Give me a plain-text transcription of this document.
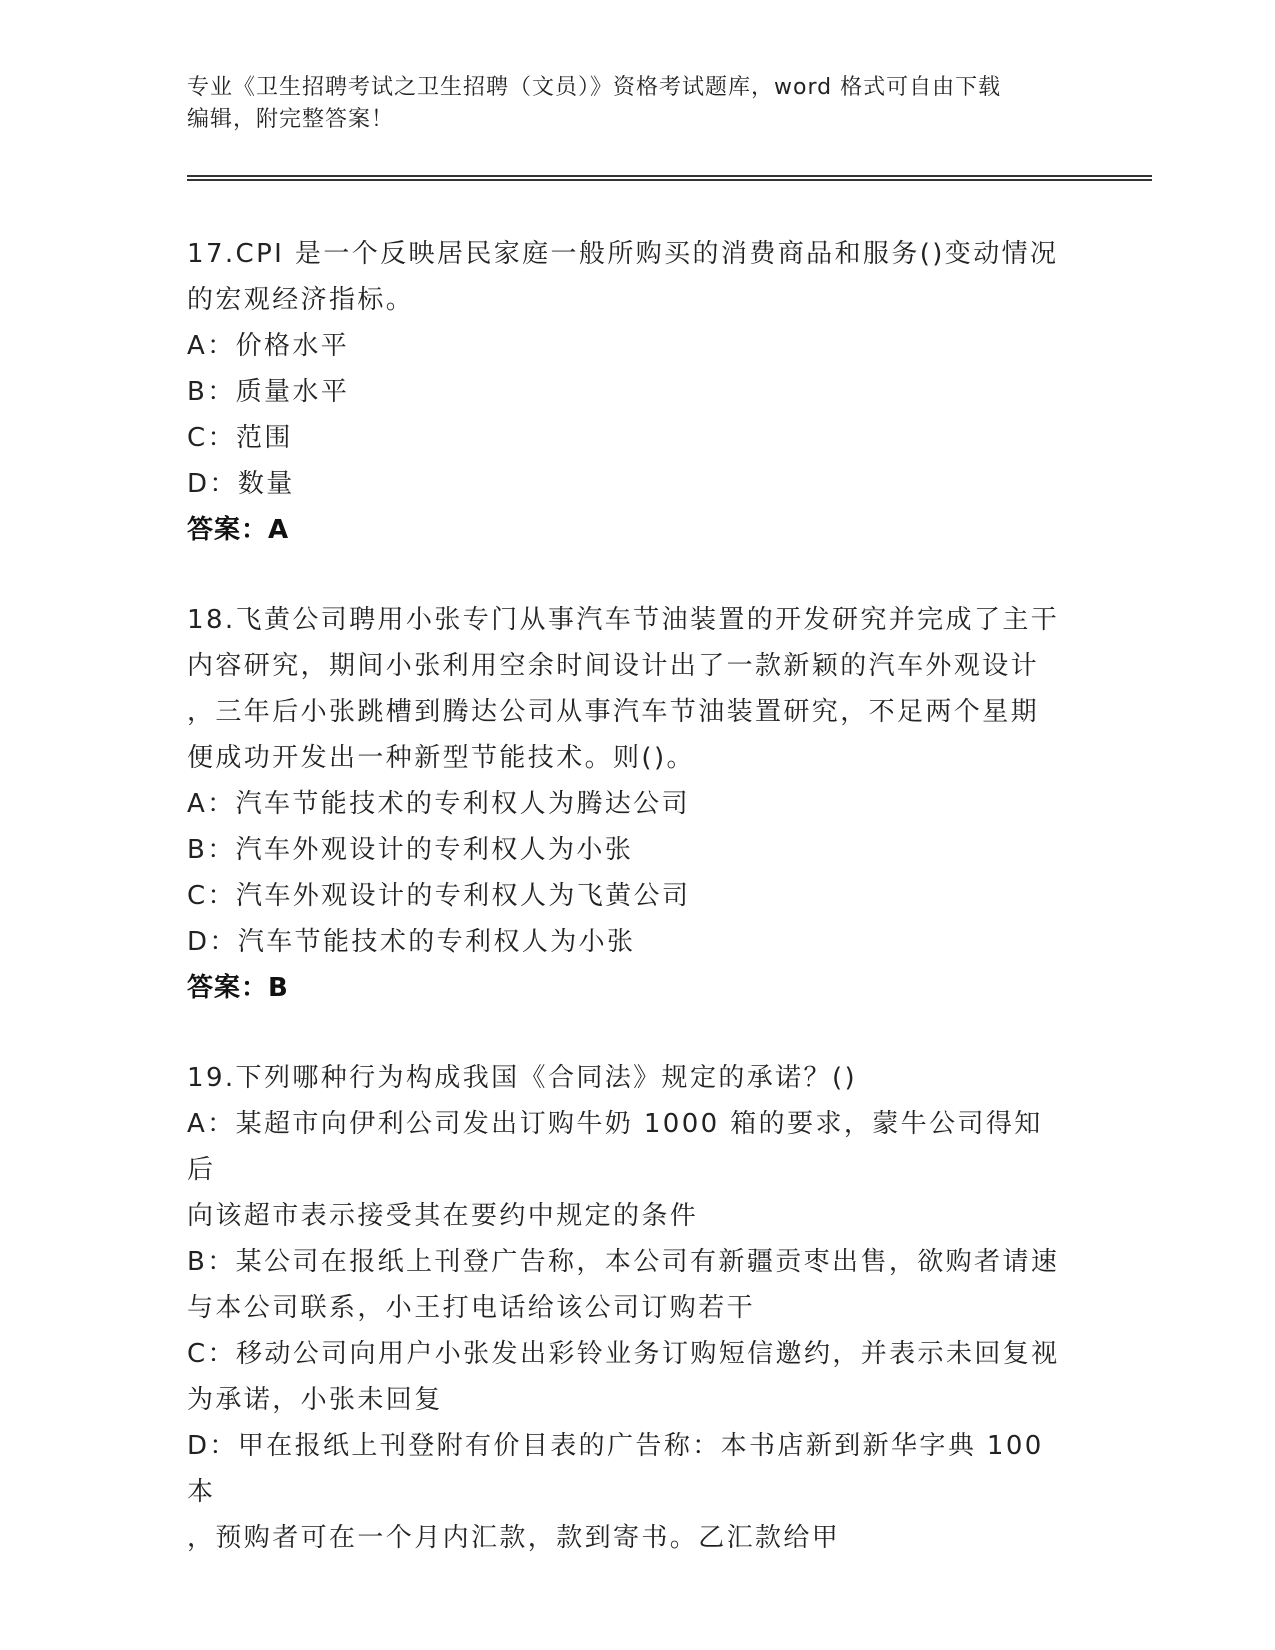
专业《卫生招聘考试之卫生招聘（文员）》资格考试题库，word 格式可自由下载
编辑，附完整答案！
17.CPI 是一个反映居民家庭一般所购买的消费商品和服务()变动情况
的宏观经济指标。
A：价格水平
B：质量水平
C：范围
D：数量
答案：A
18.飞黄公司聘用小张专门从事汽车节油装置的开发研究并完成了主干
内容研究，期间小张利用空余时间设计出了一款新颖的汽车外观设计
，三年后小张跳槽到腾达公司从事汽车节油装置研究，不足两个星期
便成功开发出一种新型节能技术。则()。
A：汽车节能技术的专利权人为腾达公司
B：汽车外观设计的专利权人为小张
C：汽车外观设计的专利权人为飞黄公司
D：汽车节能技术的专利权人为小张
答案：B
19.下列哪种行为构成我国《合同法》规定的承诺？()
A：某超市向伊利公司发出订购牛奶 1000 箱的要求，蒙牛公司得知后
向该超市表示接受其在要约中规定的条件
B：某公司在报纸上刊登广告称，本公司有新疆贡枣出售，欲购者请速
与本公司联系，小王打电话给该公司订购若干
C：移动公司向用户小张发出彩铃业务订购短信邀约，并表示未回复视
为承诺，小张未回复
D：甲在报纸上刊登附有价目表的广告称：本书店新到新华字典 100 本
，预购者可在一个月内汇款，款到寄书。乙汇款给甲
